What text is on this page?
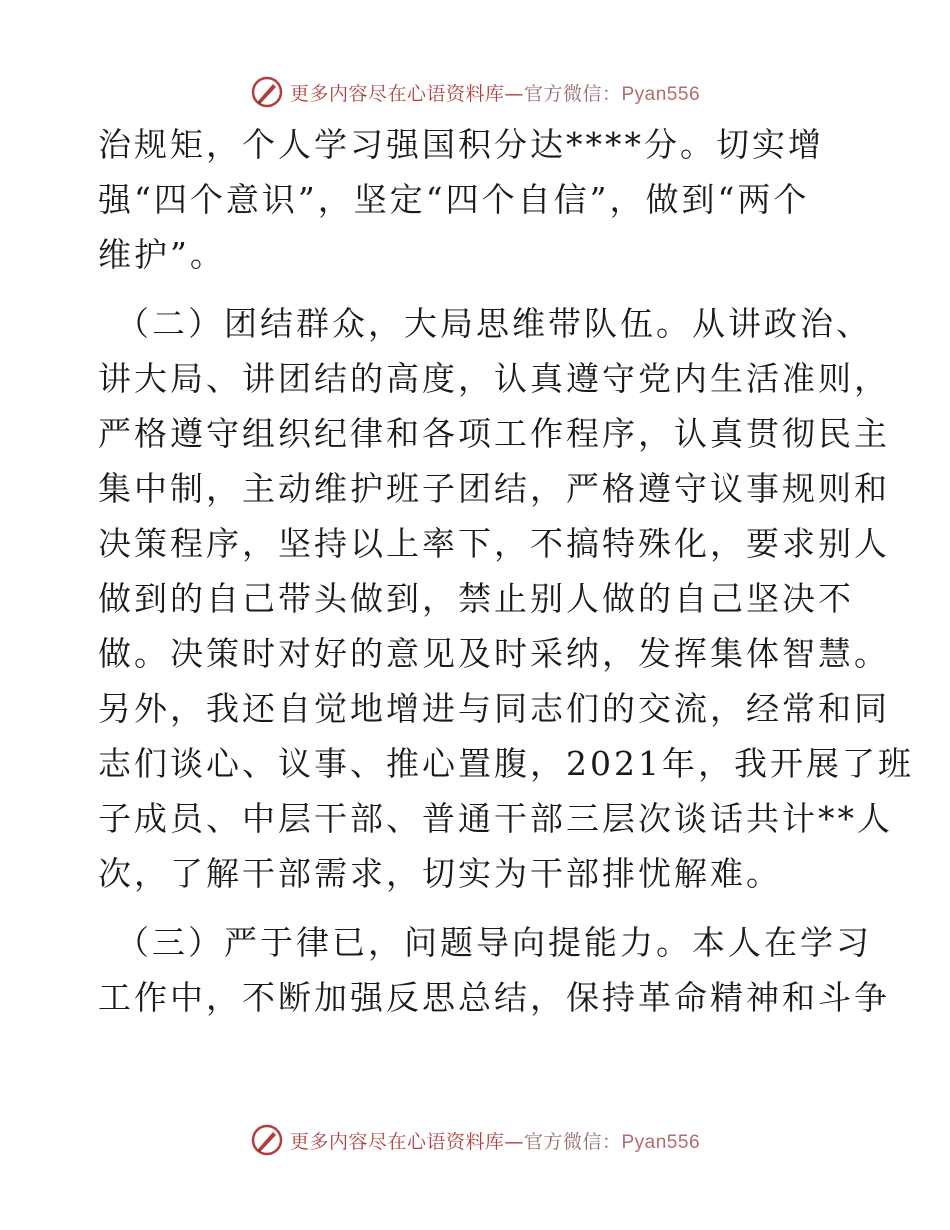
更多内容尽在心语资料库—官方微信：Pyan556
治规矩，个人学习强国积分达****分。切实增
强“四个意识”，坚定“四个自信”，做到“两个
维护”。
（二）团结群众，大局思维带队伍。从讲政治、
讲大局、讲团结的高度，认真遵守党内生活准则，
严格遵守组织纪律和各项工作程序，认真贯彻民主
集中制，主动维护班子团结，严格遵守议事规则和
决策程序，坚持以上率下，不搞特殊化，要求别人
做到的自己带头做到，禁止别人做的自己坚决不
做。决策时对好的意见及时采纳，发挥集体智慧。
另外，我还自觉地增进与同志们的交流，经常和同
志们谈心、议事、推心置腹，2021年，我开展了班
子成员、中层干部、普通干部三层次谈话共计**人
次，了解干部需求，切实为干部排忧解难。
（三）严于律已，问题导向提能力。本人在学习
工作中，不断加强反思总结，保持革命精神和斗争
更多内容尽在心语资料库—官方微信：Pyan556
